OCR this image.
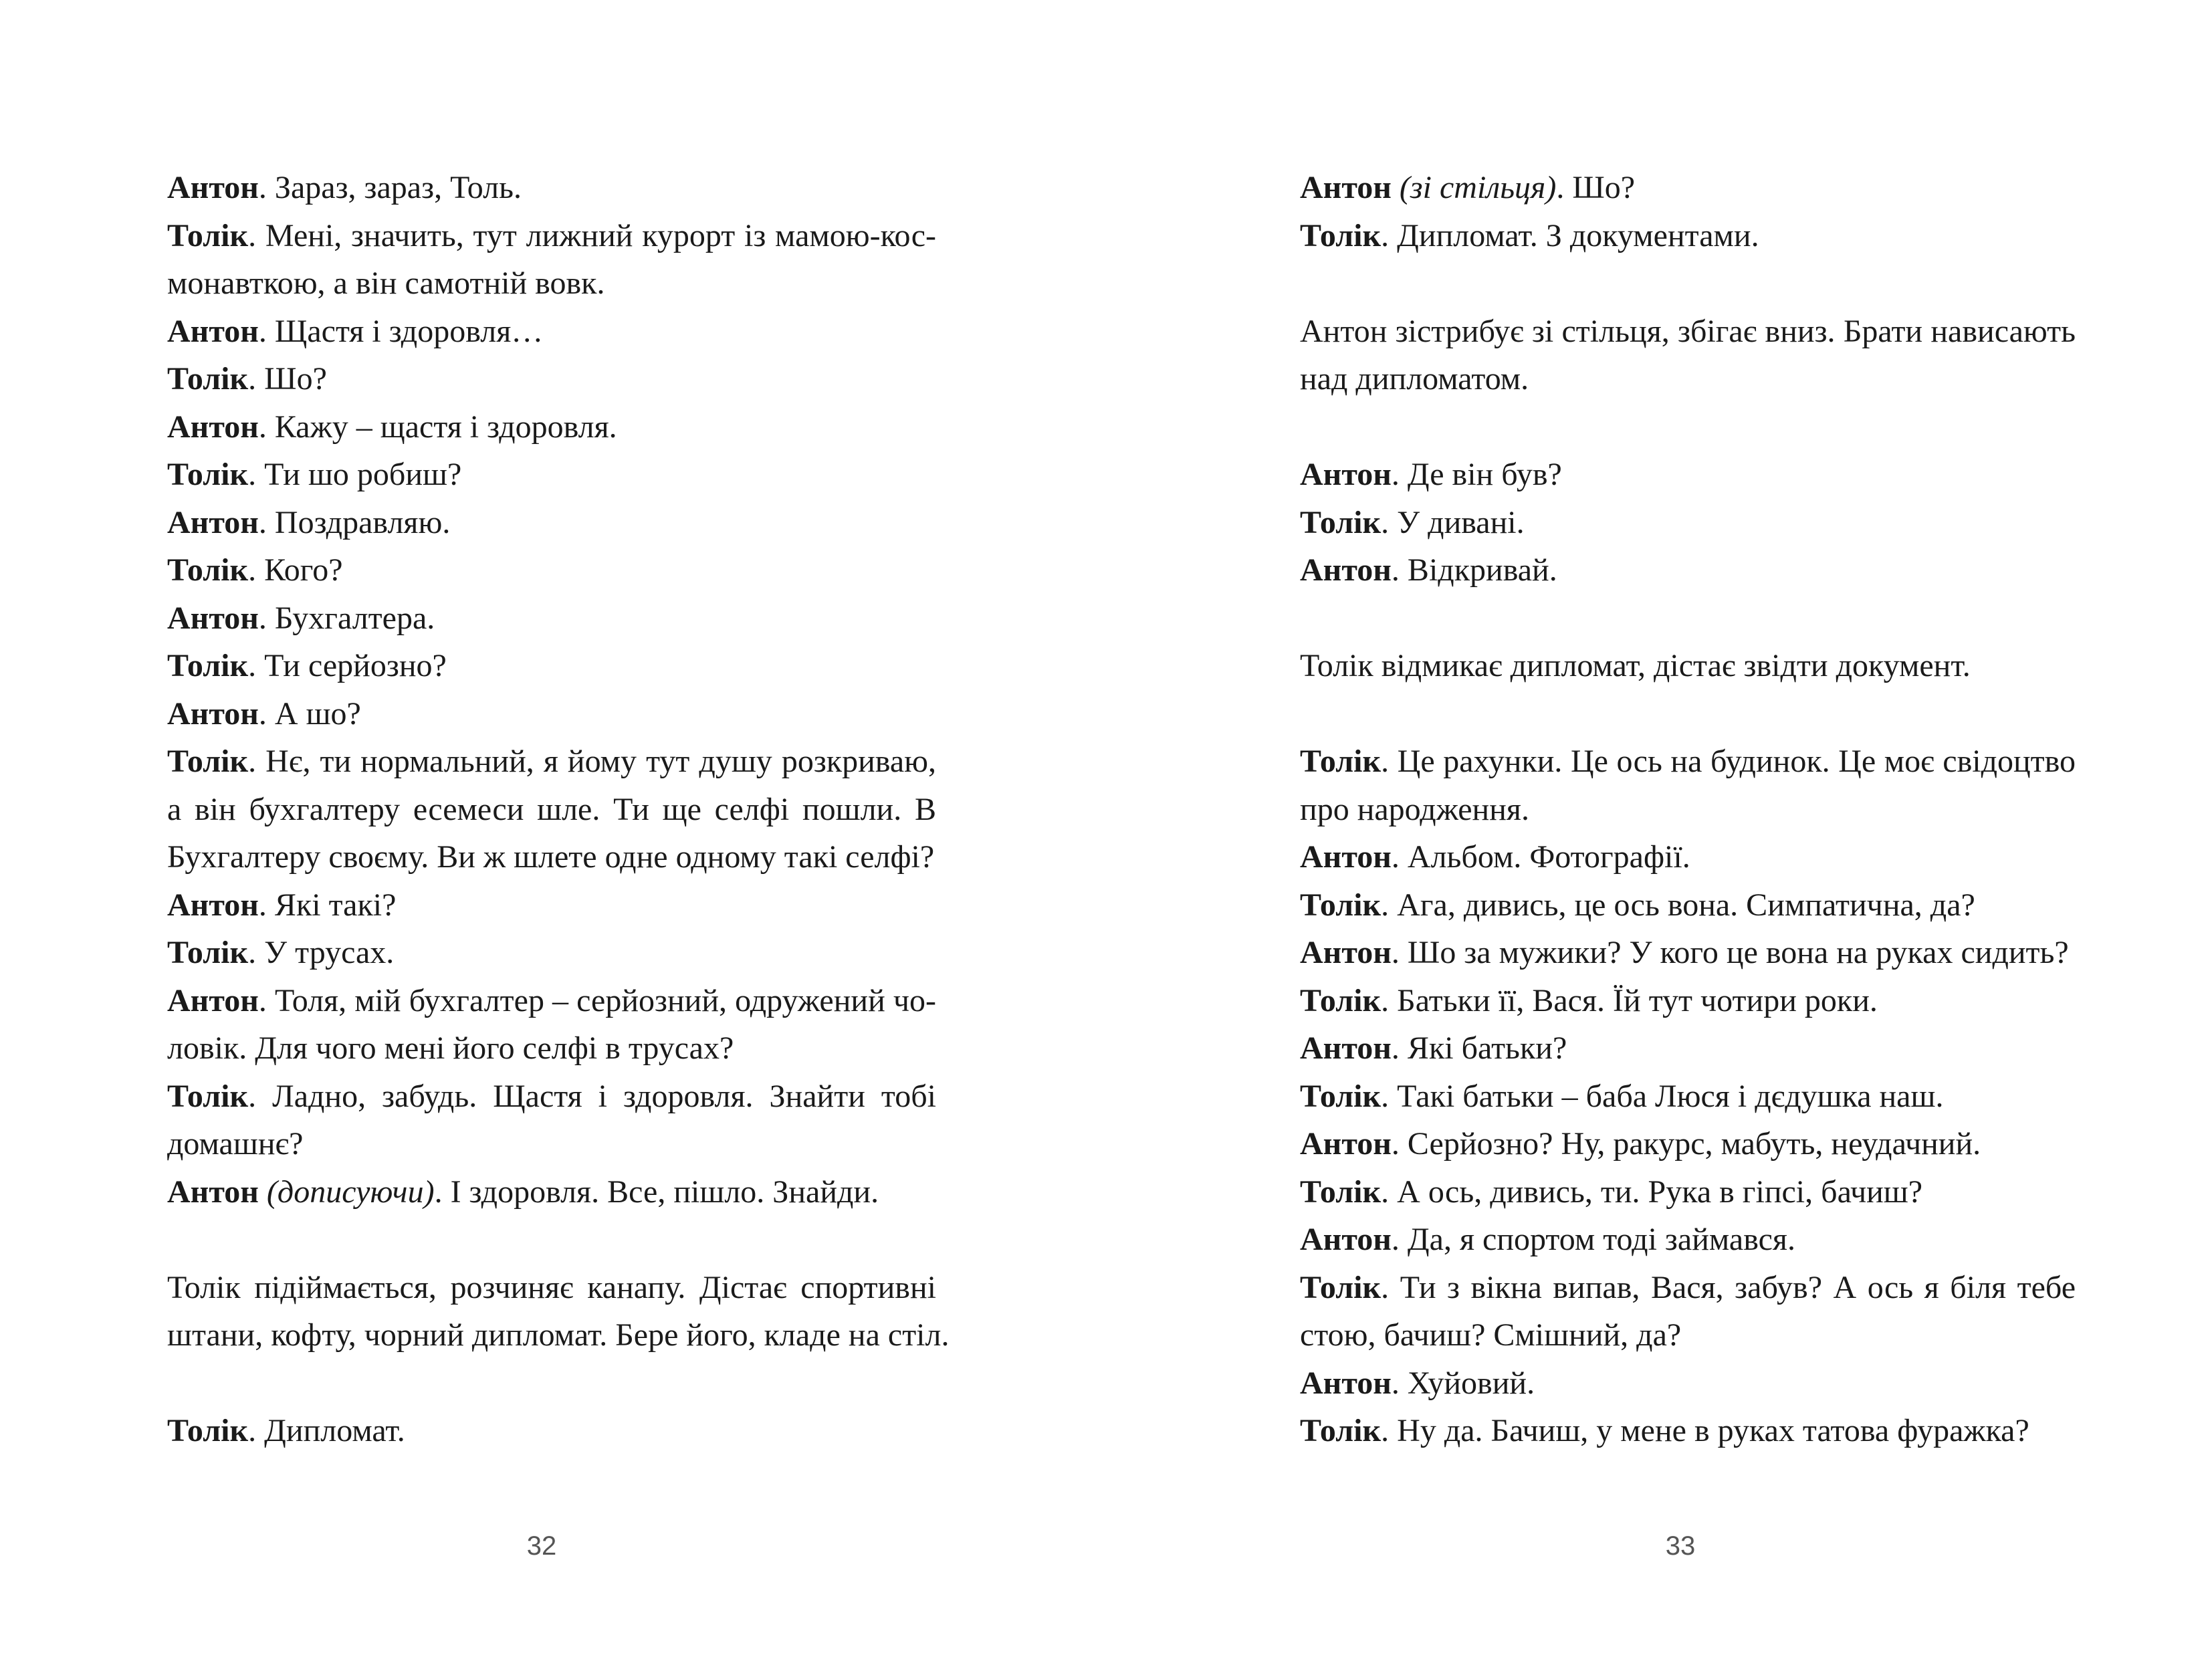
Антон. Зараз, зараз, Толь.
Толік. Мені, значить, тут лижний курорт із мамою-кос-
монавткою, а він самотній вовк.
Антон. Щастя і здоровля…
Толік. Шо?
Антон. Кажу – щастя і здоровля.
Толік. Ти шо робиш?
Антон. Поздравляю.
Толік. Кого?
Антон. Бухгалтера.
Толік. Ти серйозно?
Антон. А шо?
Толік. Нє, ти нормальний, я йому тут душу розкриваю,
а він бухгалтеру есемеси шле. Ти ще селфі пошли. В
Бухгалтеру своєму. Ви ж шлете одне одному такі селфі?
Антон. Які такі?
Толік. У трусах.
Антон. Толя, мій бухгалтер – серйозний, одружений чо-
ловік. Для чого мені його селфі в трусах?
Толік. Ладно, забудь. Щастя і здоровля. Знайти тобі
домашнє?
Антон (дописуючи). І здоровля. Все, пішло. Знайди.
Толік підіймається, розчиняє канапу. Дістає спортивні
штани, кофту, чорний дипломат. Бере його, кладе на стіл.
Толік. Дипломат.
32
Антон (зі стільця). Шо?
Толік. Дипломат. З документами.
Антон зістрибує зі стільця, збігає вниз. Брати нависають
над дипломатом.
Антон. Де він був?
Толік. У дивані.
Антон. Відкривай.
Толік відмикає дипломат, дістає звідти документ.
Толік. Це рахунки. Це ось на будинок. Це моє свідоцтво
про народження.
Антон. Альбом. Фотографії.
Толік. Ага, дивись, це ось вона. Симпатична, да?
Антон. Шо за мужики? У кого це вона на руках сидить?
Толік. Батьки її, Вася. Їй тут чотири роки.
Антон. Які батьки?
Толік. Такі батьки – баба Люся і дєдушка наш.
Антон. Серйозно? Ну, ракурс, мабуть, неудачний.
Толік. А ось, дивись, ти. Рука в гіпсі, бачиш?
Антон. Да, я спортом тоді займався.
Толік. Ти з вікна випав, Вася, забув? А ось я біля тебе
стою, бачиш? Смішний, да?
Антон. Хуйовий.
Толік. Ну да. Бачиш, у мене в руках татова фуражка?
33
